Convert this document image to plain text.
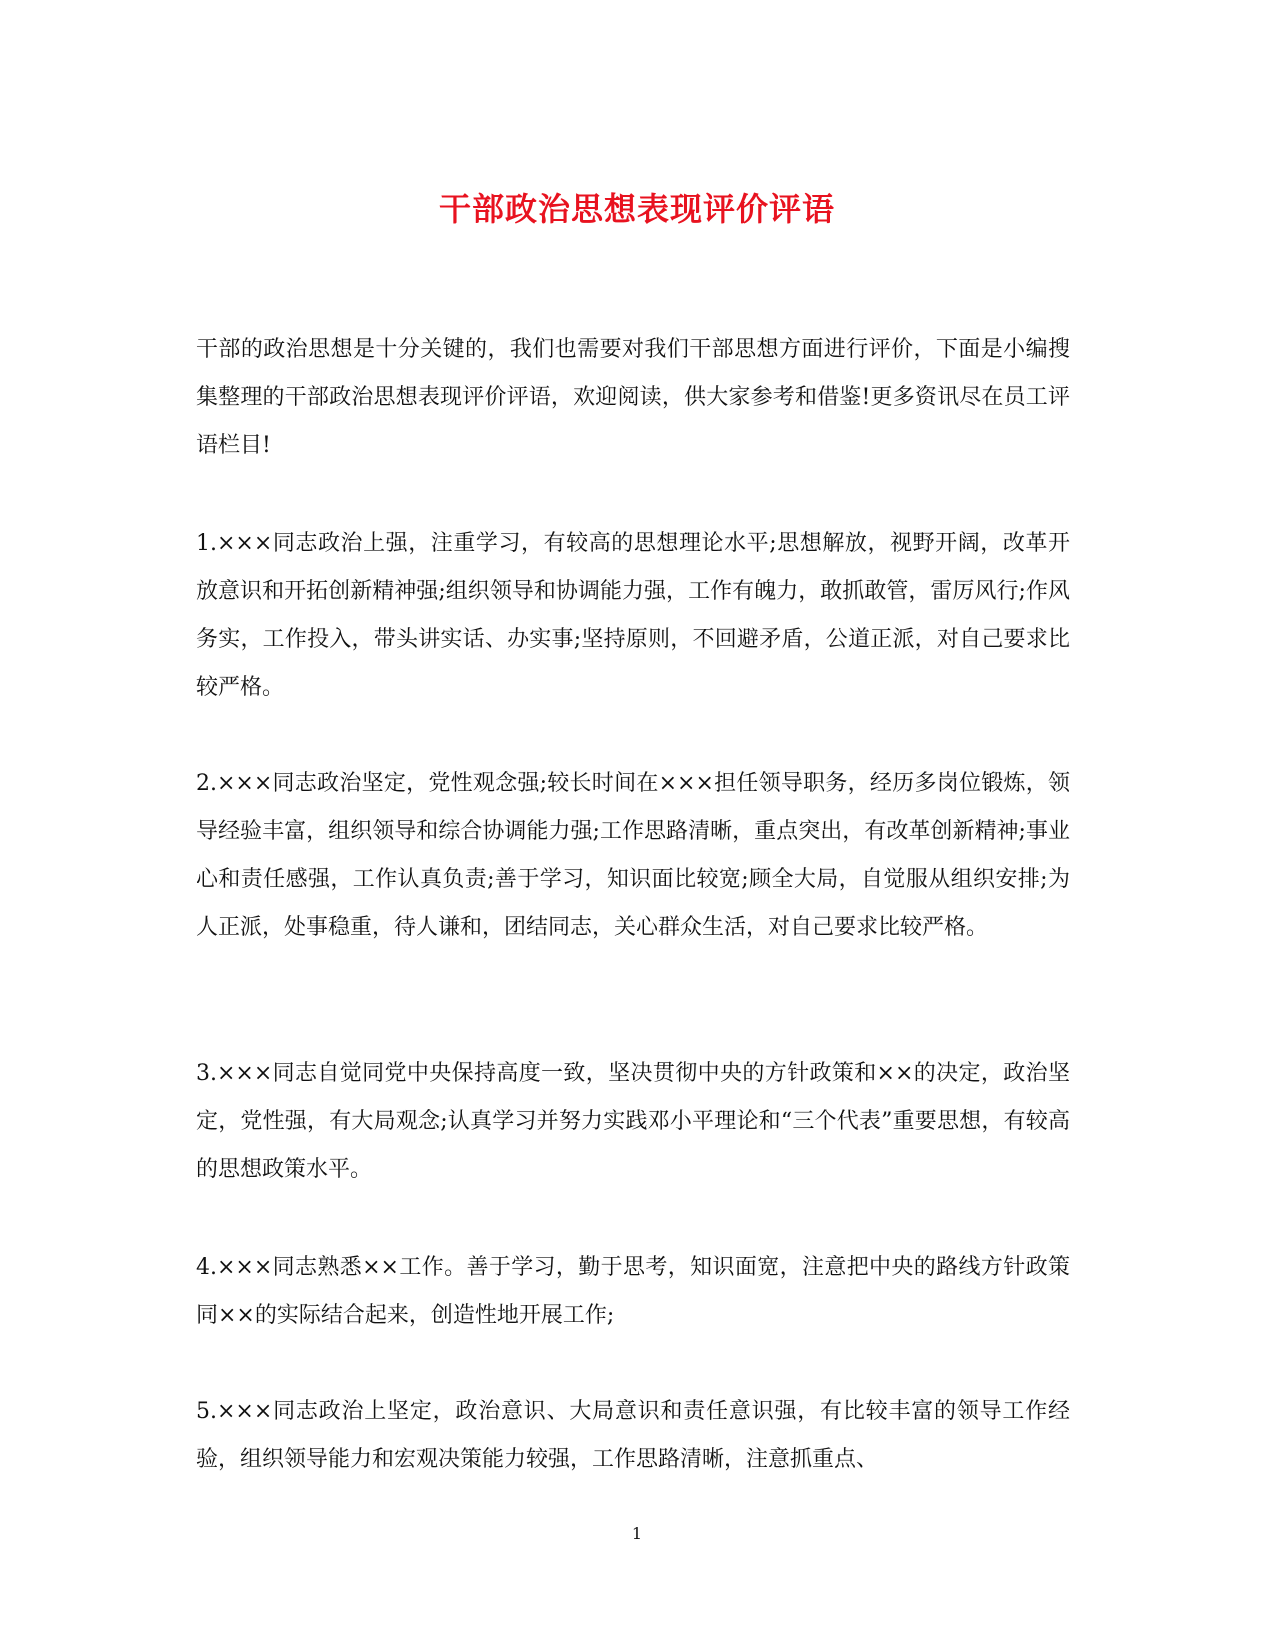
干部政治思想表现评价评语

干部的政治思想是十分关键的，我们也需要对我们干部思想方面进行评价，下面是小编搜集整理的干部政治思想表现评价评语，欢迎阅读，供大家参考和借鉴!更多资讯尽在员工评语栏目!

1.×××同志政治上强，注重学习，有较高的思想理论水平;思想解放，视野开阔，改革开放意识和开拓创新精神强;组织领导和协调能力强，工作有魄力，敢抓敢管，雷厉风行;作风务实，工作投入，带头讲实话、办实事;坚持原则，不回避矛盾，公道正派，对自己要求比较严格。

2.×××同志政治坚定，党性观念强;较长时间在×××担任领导职务，经历多岗位锻炼，领导经验丰富，组织领导和综合协调能力强;工作思路清晰，重点突出，有改革创新精神;事业心和责任感强，工作认真负责;善于学习，知识面比较宽;顾全大局，自觉服从组织安排;为人正派，处事稳重，待人谦和，团结同志，关心群众生活，对自己要求比较严格。

3.×××同志自觉同党中央保持高度一致，坚决贯彻中央的方针政策和××的决定，政治坚定，党性强，有大局观念;认真学习并努力实践邓小平理论和“三个代表”重要思想，有较高的思想政策水平。

4.×××同志熟悉××工作。善于学习，勤于思考，知识面宽，注意把中央的路线方针政策同××的实际结合起来，创造性地开展工作;

5.×××同志政治上坚定，政治意识、大局意识和责任意识强，有比较丰富的领导工作经验，组织领导能力和宏观决策能力较强，工作思路清晰，注意抓重点、

1
